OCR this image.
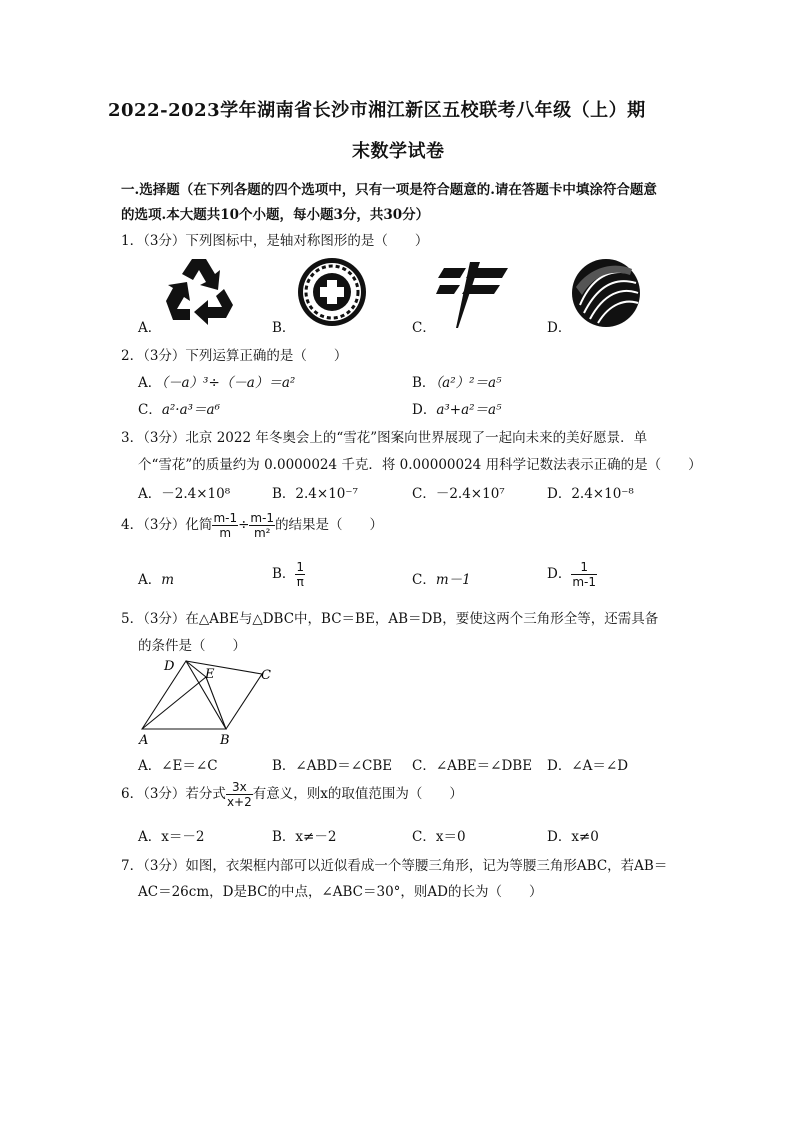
2022-2023学年湖南省长沙市湘江新区五校联考八年级（上）期
末数学试卷
一.选择题（在下列各题的四个选项中，只有一项是符合题意的.请在答题卡中填涂符合题意
的选项.本大题共10个小题，每小题3分，共30分）
1．（3分）下列图标中，是轴对称图形的是（　　）
A．	B．	C．	D．
2．（3分）下列运算正确的是（　　）
A．（－a）³÷（－a）＝a²	B．（a²）²＝a⁵
C．a²·a³＝a⁶	D．a³+a²＝a⁵
3．（3分）北京 2022 年冬奥会上的“雪花”图案向世界展现了一起向未来的美好愿景．单
个“雪花”的质量约为 0.0000024 千克．将 0.00000024 用科学记数法表示正确的是（　　）
A．－2.4×10⁸	B．2.4×10⁻⁷	C．－2.4×10⁷	D．2.4×10⁻⁸
4．（3分）化简 $\frac{m-1}{m} \div \frac{m-1}{\text{m²}}$ 的结果是（　　）
A．m	B． $\frac{1}{\pi}$	C．m－1	D． $\frac{1}{m-1}$
5．（3分）在△ABE与△DBC中，BC＝BE，AB＝DB，要使这两个三角形全等，还需具备
的条件是（　　）
D
E	C
A	B
A．∠E＝∠C	B．∠ABD＝∠CBE C．∠ABE＝∠DBE D．∠A＝∠D
6．（3分）若分式 $\frac{3x}{x+2}$ 有意义，则x的取值范围为（　　）
A．x＝－2	B．x≠－2	C．x＝0	D．x≠0
7．（3分）如图，衣架框内部可以近似看成一个等腰三角形，记为等腰三角形ABC，若AB＝
AC＝26cm，D是BC的中点，∠ABC＝30°，则AD的长为（　　）
